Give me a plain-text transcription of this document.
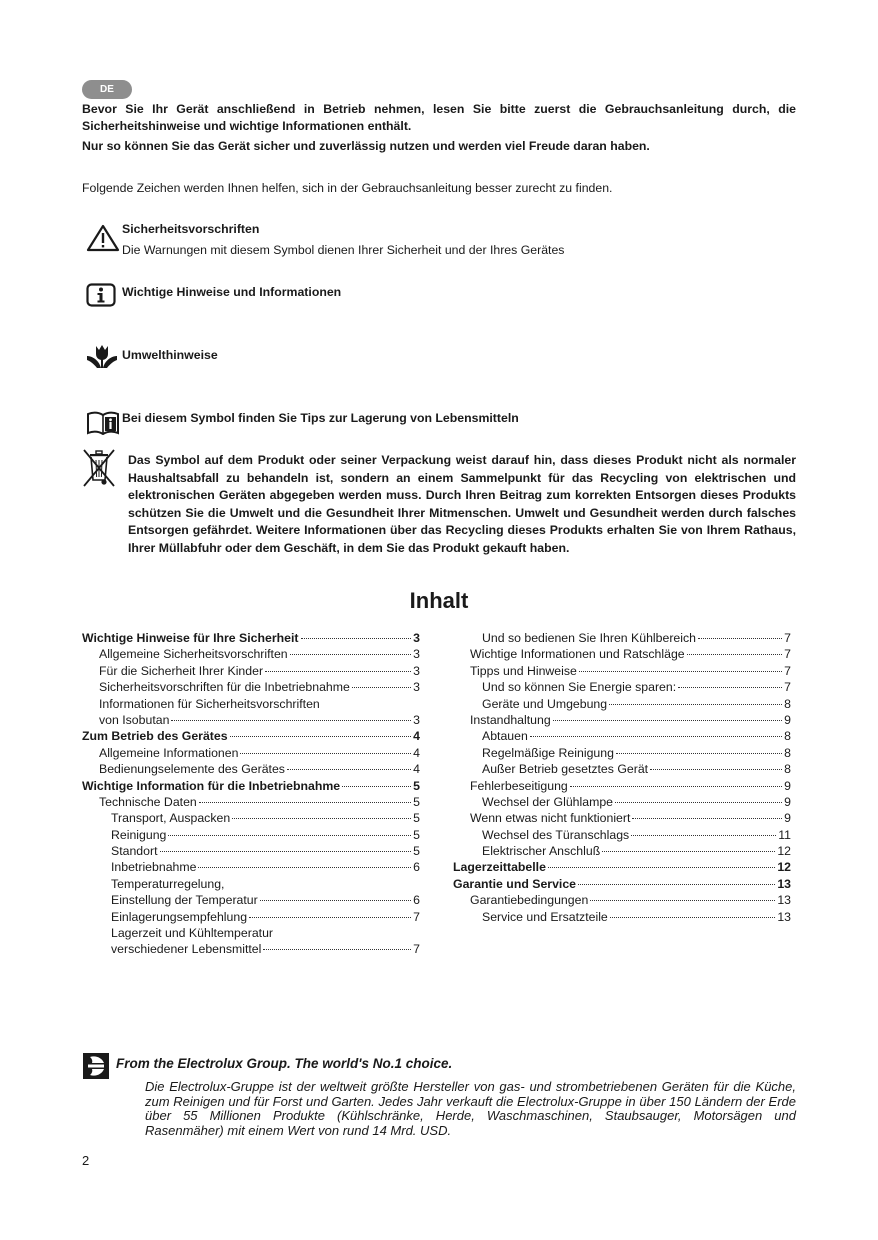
DE
Bevor Sie Ihr Gerät anschließend in Betrieb nehmen, lesen Sie bitte zuerst die Gebrauchsanleitung durch, die Sicherheitshinweise und wichtige Informationen enthält.
Nur so können Sie das Gerät sicher und zuverlässig nutzen und werden viel Freude daran haben.
Folgende Zeichen werden Ihnen helfen, sich in der Gebrauchsanleitung besser zurecht zu finden.
Sicherheitsvorschriften
Die Warnungen mit diesem Symbol dienen Ihrer Sicherheit und der Ihres Gerätes
Wichtige Hinweise und Informationen
Umwelthinweise
Bei diesem Symbol finden Sie Tips zur Lagerung von Lebensmitteln
Das Symbol auf dem Produkt oder seiner Verpackung weist darauf hin, dass dieses Produkt nicht als normaler Haushaltsabfall zu behandeln ist, sondern an einem Sammelpunkt für das Recycling von elektrischen und elektronischen Geräten abgegeben werden muss. Durch Ihren Beitrag zum korrekten Entsorgen dieses Produkts schützen Sie die Umwelt und die Gesundheit Ihrer Mitmenschen. Umwelt und Gesundheit werden durch falsches Entsorgen gefährdet. Weitere Informationen über das Recycling dieses Produkts erhalten Sie von Ihrem Rathaus, Ihrer Müllabfuhr oder dem Geschäft, in dem Sie das Produkt gekauft haben.
Inhalt
Wichtige Hinweise für Ihre Sicherheit	3
Allgemeine Sicherheitsvorschriften	3
Für die Sicherheit Ihrer Kinder	3
Sicherheitsvorschriften für die Inbetriebnahme	3
Informationen für Sicherheitsvorschriften
von Isobutan	3
Zum Betrieb des Gerätes	4
Allgemeine Informationen	4
Bedienungselemente des Gerätes	4
Wichtige Information für die Inbetriebnahme	5
Technische Daten	5
Transport, Auspacken	5
Reinigung	5
Standort	5
Inbetriebnahme	6
Temperaturregelung,
Einstellung der Temperatur	6
Einlagerungsempfehlung	7
Lagerzeit und Kühltemperatur
verschiedener Lebensmittel	7
Und so bedienen Sie Ihren Kühlbereich	7
Wichtige Informationen und Ratschläge	7
Tipps und Hinweise	7
Und so können Sie Energie sparen:	7
Geräte und Umgebung	8
Instandhaltung	9
Abtauen	8
Regelmäßige Reinigung	8
Außer Betrieb gesetztes Gerät	8
Fehlerbeseitigung	9
Wechsel der Glühlampe	9
Wenn etwas nicht funktioniert	9
Wechsel des Türanschlags	11
Elektrischer Anschluß	12
Lagerzeittabelle	12
Garantie und Service	13
Garantiebedingungen	13
Service und Ersatzteile	13
From the Electrolux Group. The world's No.1 choice.
Die Electrolux-Gruppe ist der weltweit größte Hersteller von gas- und strombetriebenen Geräten für die Küche, zum Reinigen und für Forst und Garten. Jedes Jahr verkauft die Electrolux-Gruppe in über 150 Ländern der Erde über 55 Millionen Produkte (Kühlschränke, Herde, Waschmaschinen, Staubsauger, Motorsägen und Rasenmäher) mit einem Wert von rund 14 Mrd. USD.
2
